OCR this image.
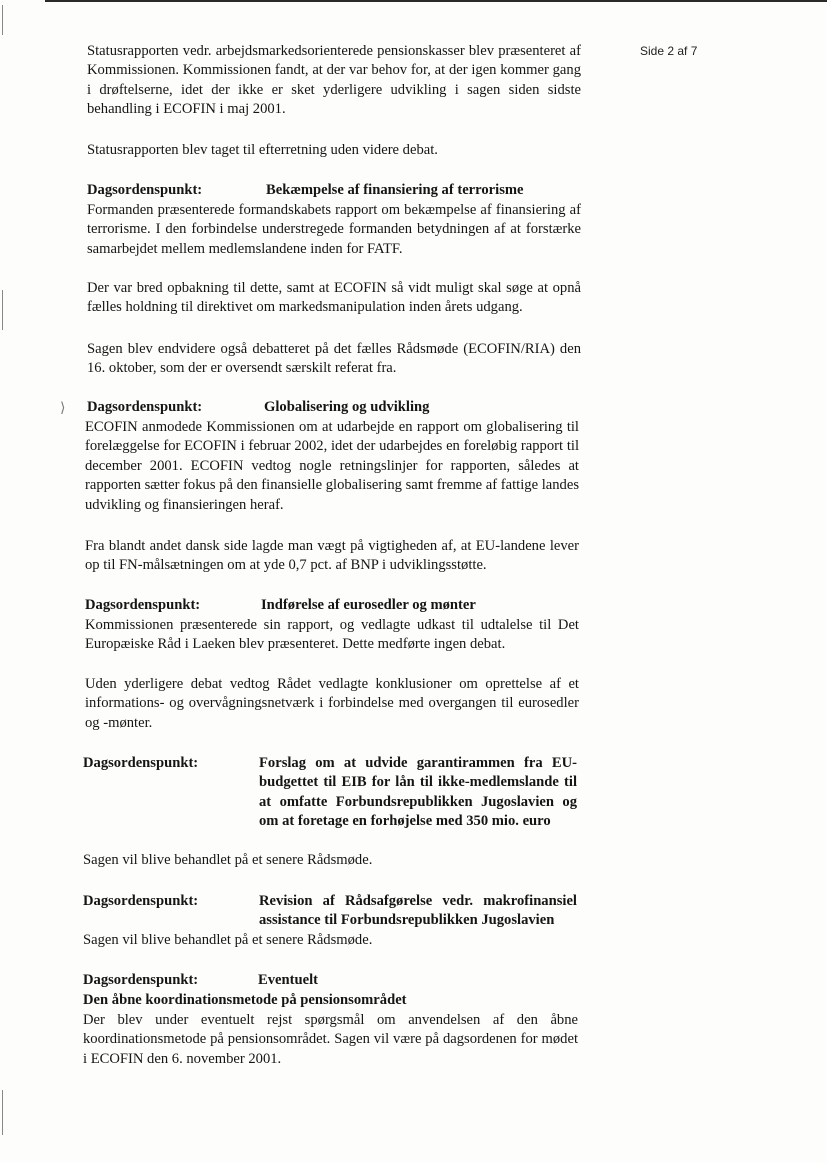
⟩
Side 2 af 7

Statusrapporten vedr. arbejdsmarkedsorienterede pensionskasser blev præsenteret af Kommissionen. Kommissionen fandt, at der var behov for, at der igen kommer gang i drøftelserne, idet der ikke er sket yderligere udvikling i sagen siden sidste behandling i ECOFIN i maj 2001.

Statusrapporten blev taget til efterretning uden videre debat.

Dagsordenspunkt:	Bekæmpelse af finansiering af terrorisme

Formanden præsenterede formandskabets rapport om bekæmpelse af finansiering af terrorisme. I den forbindelse understregede formanden betydningen af at forstærke samarbejdet mellem medlemslandene inden for FATF.

Der var bred opbakning til dette, samt at ECOFIN så vidt muligt skal søge at opnå fælles holdning til direktivet om markedsmanipulation inden årets udgang.

Sagen blev endvidere også debatteret på det fælles Rådsmøde (ECOFIN/RIA) den 16. oktober, som der er oversendt særskilt referat fra.

Dagsordenspunkt:	Globalisering og udvikling

ECOFIN anmodede Kommissionen om at udarbejde en rapport om globalisering til forelæggelse for ECOFIN i februar 2002, idet der udarbejdes en foreløbig rapport til december 2001. ECOFIN vedtog nogle retningslinjer for rapporten, således at rapporten sætter fokus på den finansielle globalisering samt fremme af fattige landes udvikling og finansieringen heraf.

Fra blandt andet dansk side lagde man vægt på vigtigheden af, at EU-landene lever op til FN-målsætningen om at yde 0,7 pct. af BNP i udviklingsstøtte.

Dagsordenspunkt:	Indførelse af eurosedler og mønter

Kommissionen præsenterede sin rapport, og vedlagte udkast til udtalelse til Det Europæiske Råd i Laeken blev præsenteret. Dette medførte ingen debat.

Uden yderligere debat vedtog Rådet vedlagte konklusioner om oprettelse af et informations- og overvågningsnetværk i forbindelse med overgangen til eurosedler og -mønter.

Dagsordenspunkt:	Forslag om at udvide garantirammen fra EU-budgettet til EIB for lån til ikke-medlemslande til at omfatte Forbundsrepublikken Jugoslavien og om at foretage en forhøjelse med 350 mio. euro

Sagen vil blive behandlet på et senere Rådsmøde.

Dagsordenspunkt:	Revision af Rådsafgørelse vedr. makrofinansiel assistance til Forbundsrepublikken Jugoslavien

Sagen vil blive behandlet på et senere Rådsmøde.

Dagsordenspunkt:	Eventuelt
Den åbne koordinationsmetode på pensionsområdet

Der blev under eventuelt rejst spørgsmål om anvendelsen af den åbne koordinationsmetode på pensionsområdet. Sagen vil være på dagsordenen for mødet i ECOFIN den 6. november 2001.
